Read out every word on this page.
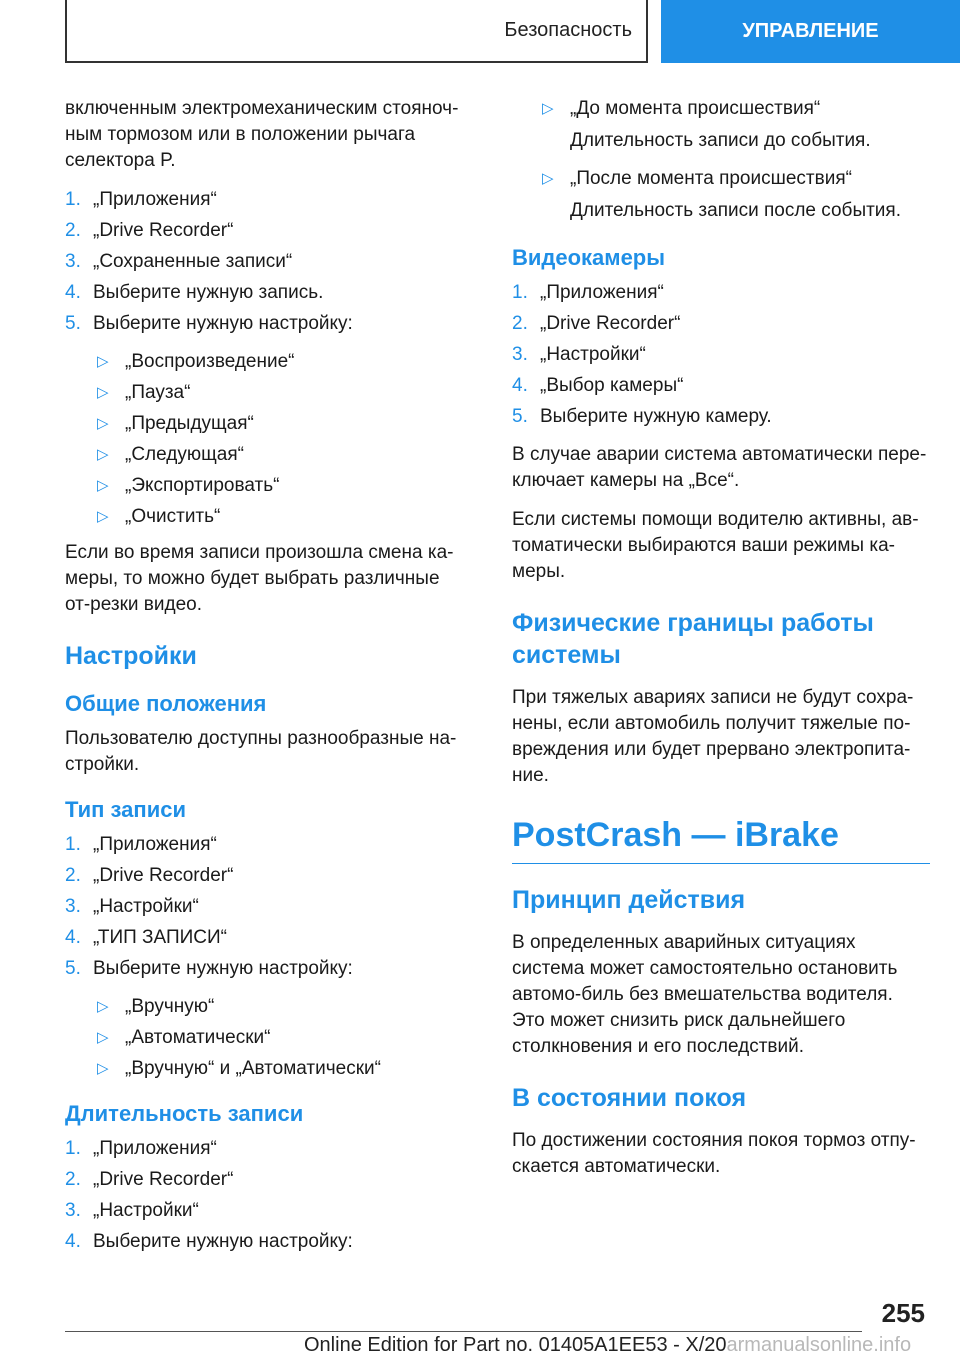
Безопасность	УПРАВЛЕНИЕ

включенным электромеханическим стояноч-ным тормозом или в положении рычага селектора P.

1. „Приложения“
2. „Drive Recorder“
3. „Сохраненные записи“
4. Выберите нужную запись.
5. Выберите нужную настройку:
▷ „Воспроизведение“
▷ „Пауза“
▷ „Предыдущая“
▷ „Следующая“
▷ „Экспортировать“
▷ „Очистить“

Если во время записи произошла смена ка-меры, то можно будет выбрать различные от-резки видео.

Настройки
Общие положения

Пользователю доступны разнообразные на-стройки.

Тип записи
1. „Приложения“
2. „Drive Recorder“
3. „Настройки“
4. „ТИП ЗАПИСИ“
5. Выберите нужную настройку:
▷ „Вручную“
▷ „Автоматически“
▷ „Вручную“ и „Автоматически“
Длительность записи
1. „Приложения“
2. „Drive Recorder“
3. „Настройки“
4. Выберите нужную настройку:
▷ „До момента происшествия“
Длительность записи до события.
▷ „После момента происшествия“
Длительность записи после события.
Видеокамеры
1. „Приложения“
2. „Drive Recorder“
3. „Настройки“
4. „Выбор камеры“
5. Выберите нужную камеру.

В случае аварии система автоматически пере-ключает камеры на „Все“.

Если системы помощи водителю активны, ав-томатически выбираются ваши режимы ка-меры.

Физические границы работы системы

При тяжелых авариях записи не будут сохра-нены, если автомобиль получит тяжелые по-вреждения или будет прервано электропита-ние.

PostCrash — iBrake
Принцип действия

В определенных аварийных ситуациях система может самостоятельно остановить автомо-биль без вмешательства водителя. Это может снизить риск дальнейшего столкновения и его последствий.

В состоянии покоя

По достижении состояния покоя тормоз отпу-скается автоматически.

255
Online Edition for Part no. 01405A1EE53 - X/20armanualsonline.info
